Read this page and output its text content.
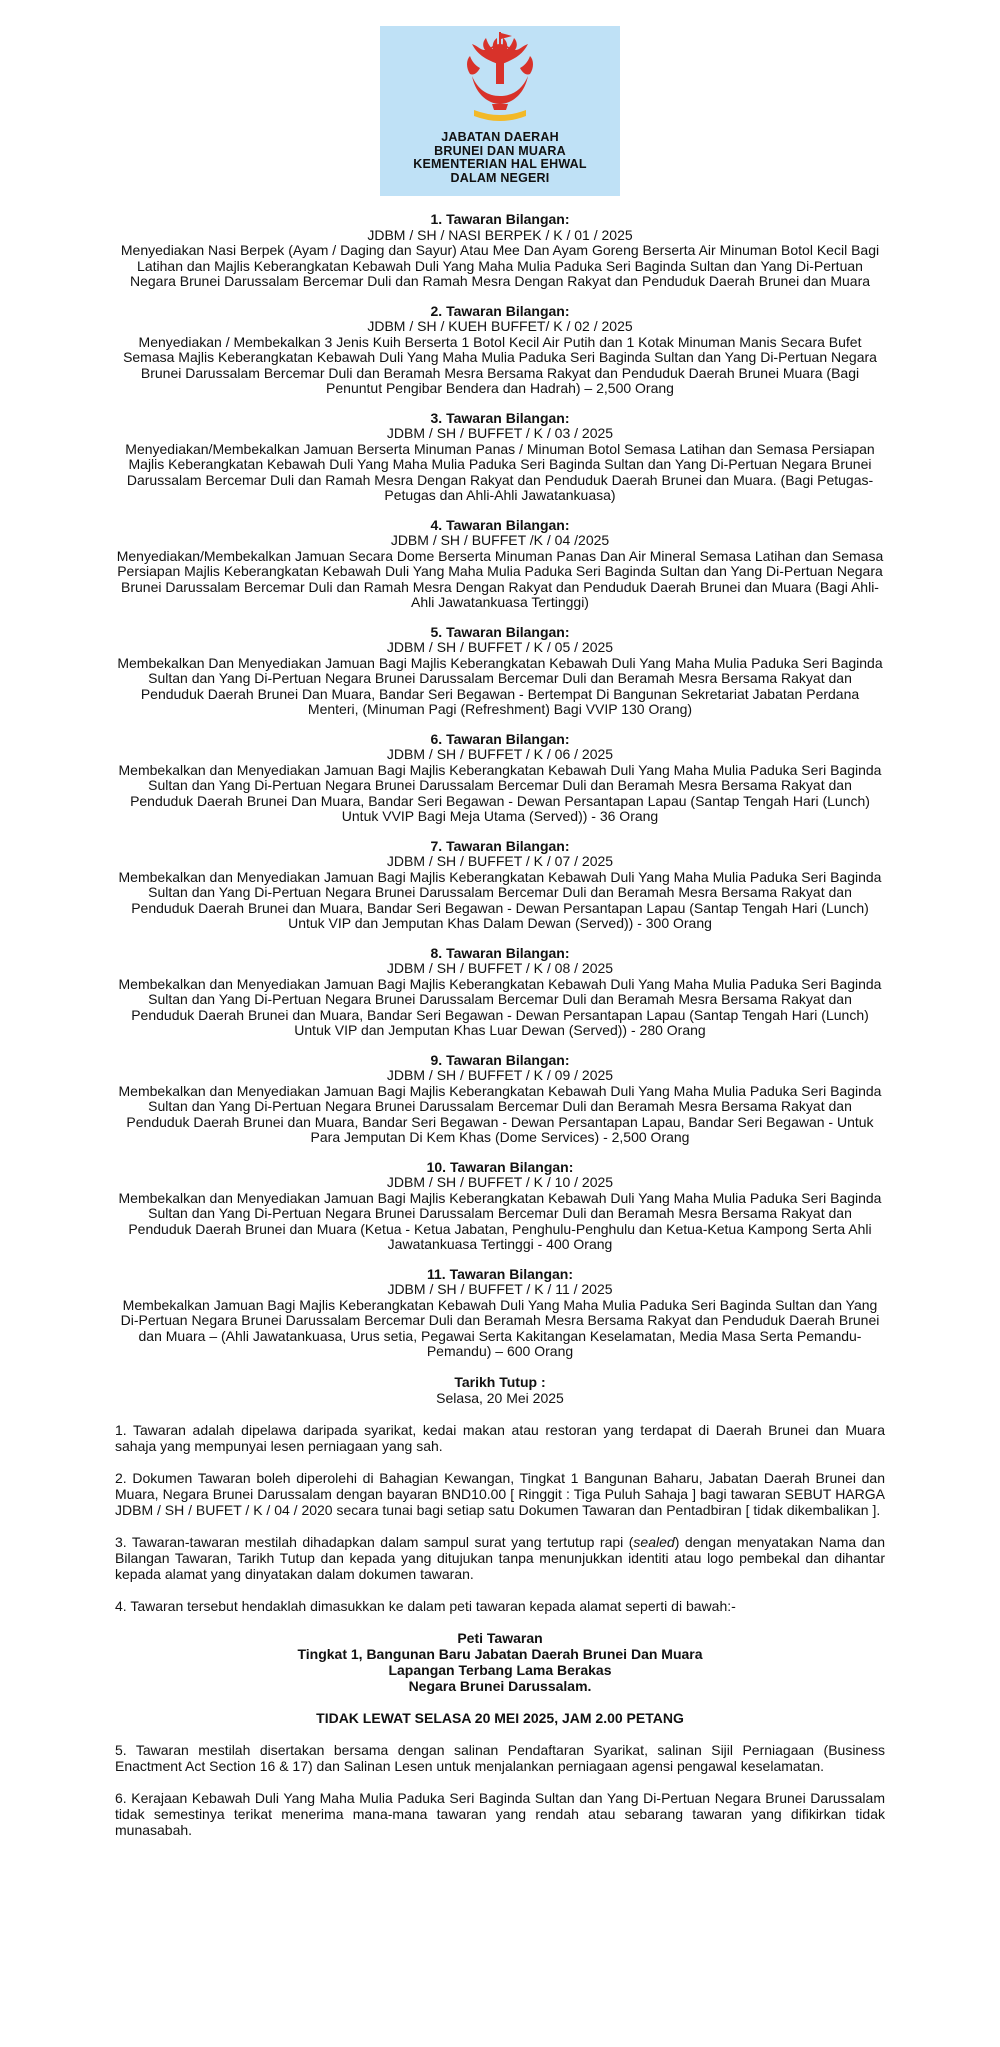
JABATAN DAERAH
BRUNEI DAN MUARA
KEMENTERIAN HAL EHWAL
DALAM NEGERI
1. Tawaran Bilangan:
JDBM / SH / NASI BERPEK / K / 01 / 2025
Menyediakan Nasi Berpek (Ayam / Daging dan Sayur) Atau Mee Dan Ayam Goreng Berserta Air Minuman Botol Kecil Bagi Latihan dan Majlis Keberangkatan Kebawah Duli Yang Maha Mulia Paduka Seri Baginda Sultan dan Yang Di-Pertuan Negara Brunei Darussalam Bercemar Duli dan Ramah Mesra Dengan Rakyat dan Penduduk Daerah Brunei dan Muara
2. Tawaran Bilangan:
JDBM / SH / KUEH BUFFET/ K / 02 / 2025
Menyediakan / Membekalkan 3 Jenis Kuih Berserta 1 Botol Kecil Air Putih dan 1 Kotak Minuman Manis Secara Bufet Semasa Majlis Keberangkatan Kebawah Duli Yang Maha Mulia Paduka Seri Baginda Sultan dan Yang Di-Pertuan Negara Brunei Darussalam Bercemar Duli dan Beramah Mesra Bersama Rakyat dan Penduduk Daerah Brunei Muara (Bagi Penuntut Pengibar Bendera dan Hadrah) – 2,500 Orang
3. Tawaran Bilangan:
JDBM / SH / BUFFET / K / 03 / 2025
Menyediakan/Membekalkan Jamuan Berserta Minuman Panas / Minuman Botol Semasa Latihan dan Semasa Persiapan Majlis Keberangkatan Kebawah Duli Yang Maha Mulia Paduka Seri Baginda Sultan dan Yang Di-Pertuan Negara Brunei Darussalam Bercemar Duli dan Ramah Mesra Dengan Rakyat dan Penduduk Daerah Brunei dan Muara. (Bagi Petugas-Petugas dan Ahli-Ahli Jawatankuasa)
4. Tawaran Bilangan:
JDBM / SH / BUFFET /K / 04 /2025
Menyediakan/Membekalkan Jamuan Secara Dome Berserta Minuman Panas Dan Air Mineral Semasa Latihan dan Semasa Persiapan Majlis Keberangkatan Kebawah Duli Yang Maha Mulia Paduka Seri Baginda Sultan dan Yang Di-Pertuan Negara Brunei Darussalam Bercemar Duli dan Ramah Mesra Dengan Rakyat dan Penduduk Daerah Brunei dan Muara (Bagi Ahli-Ahli Jawatankuasa Tertinggi)
5. Tawaran Bilangan:
JDBM / SH / BUFFET / K / 05 / 2025
Membekalkan Dan Menyediakan Jamuan Bagi Majlis Keberangkatan Kebawah Duli Yang Maha Mulia Paduka Seri Baginda Sultan dan Yang Di-Pertuan Negara Brunei Darussalam Bercemar Duli dan Beramah Mesra Bersama Rakyat dan Penduduk Daerah Brunei Dan Muara, Bandar Seri Begawan - Bertempat Di Bangunan Sekretariat Jabatan Perdana Menteri, (Minuman Pagi (Refreshment) Bagi VVIP 130 Orang)
6. Tawaran Bilangan:
JDBM / SH / BUFFET / K / 06 / 2025
Membekalkan dan Menyediakan Jamuan Bagi Majlis Keberangkatan Kebawah Duli Yang Maha Mulia Paduka Seri Baginda Sultan dan Yang Di-Pertuan Negara Brunei Darussalam Bercemar Duli dan Beramah Mesra Bersama Rakyat dan Penduduk Daerah Brunei Dan Muara, Bandar Seri Begawan - Dewan Persantapan Lapau (Santap Tengah Hari (Lunch) Untuk VVIP Bagi Meja Utama (Served)) - 36 Orang
7. Tawaran Bilangan:
JDBM / SH / BUFFET / K / 07 / 2025
Membekalkan dan Menyediakan Jamuan Bagi Majlis Keberangkatan Kebawah Duli Yang Maha Mulia Paduka Seri Baginda Sultan dan Yang Di-Pertuan Negara Brunei Darussalam Bercemar Duli dan Beramah Mesra Bersama Rakyat dan Penduduk Daerah Brunei dan Muara, Bandar Seri Begawan - Dewan Persantapan Lapau (Santap Tengah Hari (Lunch) Untuk VIP dan Jemputan Khas Dalam Dewan (Served)) - 300 Orang
8. Tawaran Bilangan:
JDBM / SH / BUFFET / K / 08 / 2025
Membekalkan dan Menyediakan Jamuan Bagi Majlis Keberangkatan Kebawah Duli Yang Maha Mulia Paduka Seri Baginda Sultan dan Yang Di-Pertuan Negara Brunei Darussalam Bercemar Duli dan Beramah Mesra Bersama Rakyat dan Penduduk Daerah Brunei dan Muara, Bandar Seri Begawan - Dewan Persantapan Lapau (Santap Tengah Hari (Lunch) Untuk VIP dan Jemputan Khas Luar Dewan (Served)) - 280 Orang
9. Tawaran Bilangan:
JDBM / SH / BUFFET / K / 09 / 2025
Membekalkan dan Menyediakan Jamuan Bagi Majlis Keberangkatan Kebawah Duli Yang Maha Mulia Paduka Seri Baginda Sultan dan Yang Di-Pertuan Negara Brunei Darussalam Bercemar Duli dan Beramah Mesra Bersama Rakyat dan Penduduk Daerah Brunei dan Muara, Bandar Seri Begawan - Dewan Persantapan Lapau, Bandar Seri Begawan - Untuk Para Jemputan Di Kem Khas (Dome Services) - 2,500 Orang
10. Tawaran Bilangan:
JDBM / SH / BUFFET / K / 10 / 2025
Membekalkan dan Menyediakan Jamuan Bagi Majlis Keberangkatan Kebawah Duli Yang Maha Mulia Paduka Seri Baginda Sultan dan Yang Di-Pertuan Negara Brunei Darussalam Bercemar Duli dan Beramah Mesra Bersama Rakyat dan Penduduk Daerah Brunei dan Muara (Ketua - Ketua Jabatan, Penghulu-Penghulu dan Ketua-Ketua Kampong Serta Ahli Jawatankuasa Tertinggi - 400 Orang
11. Tawaran Bilangan:
JDBM / SH / BUFFET / K / 11 / 2025
Membekalkan Jamuan Bagi Majlis Keberangkatan Kebawah Duli Yang Maha Mulia Paduka Seri Baginda Sultan dan Yang Di-Pertuan Negara Brunei Darussalam Bercemar Duli dan Beramah Mesra Bersama Rakyat dan Penduduk Daerah Brunei dan Muara – (Ahli Jawatankuasa, Urus setia, Pegawai Serta Kakitangan Keselamatan, Media Masa Serta Pemandu-Pemandu) – 600 Orang
Tarikh Tutup :
Selasa, 20 Mei 2025

1. Tawaran adalah dipelawa daripada syarikat, kedai makan atau restoran yang terdapat di Daerah Brunei dan Muara sahaja yang mempunyai lesen perniagaan yang sah.

2. Dokumen Tawaran boleh diperolehi di Bahagian Kewangan, Tingkat 1 Bangunan Baharu, Jabatan Daerah Brunei dan Muara, Negara Brunei Darussalam dengan bayaran BND10.00 [ Ringgit : Tiga Puluh Sahaja ] bagi tawaran SEBUT HARGA JDBM / SH / BUFET / K / 04 / 2020 secara tunai bagi setiap satu Dokumen Tawaran dan Pentadbiran [ tidak dikembalikan ].

3. Tawaran-tawaran mestilah dihadapkan dalam sampul surat yang tertutup rapi (sealed) dengan menyatakan Nama dan Bilangan Tawaran, Tarikh Tutup dan kepada yang ditujukan tanpa menunjukkan identiti atau logo pembekal dan dihantar kepada alamat yang dinyatakan dalam dokumen tawaran.

4. Tawaran tersebut hendaklah dimasukkan ke dalam peti tawaran kepada alamat seperti di bawah:-

Peti Tawaran
Tingkat 1, Bangunan Baru Jabatan Daerah Brunei Dan Muara
Lapangan Terbang Lama Berakas
Negara Brunei Darussalam.
TIDAK LEWAT SELASA 20 MEI 2025, JAM 2.00 PETANG

5. Tawaran mestilah disertakan bersama dengan salinan Pendaftaran Syarikat, salinan Sijil Perniagaan (Business Enactment Act Section 16 & 17) dan Salinan Lesen untuk menjalankan perniagaan agensi pengawal keselamatan.

6. Kerajaan Kebawah Duli Yang Maha Mulia Paduka Seri Baginda Sultan dan Yang Di-Pertuan Negara Brunei Darussalam tidak semestinya terikat menerima mana-mana tawaran yang rendah atau sebarang tawaran yang difikirkan tidak munasabah.
